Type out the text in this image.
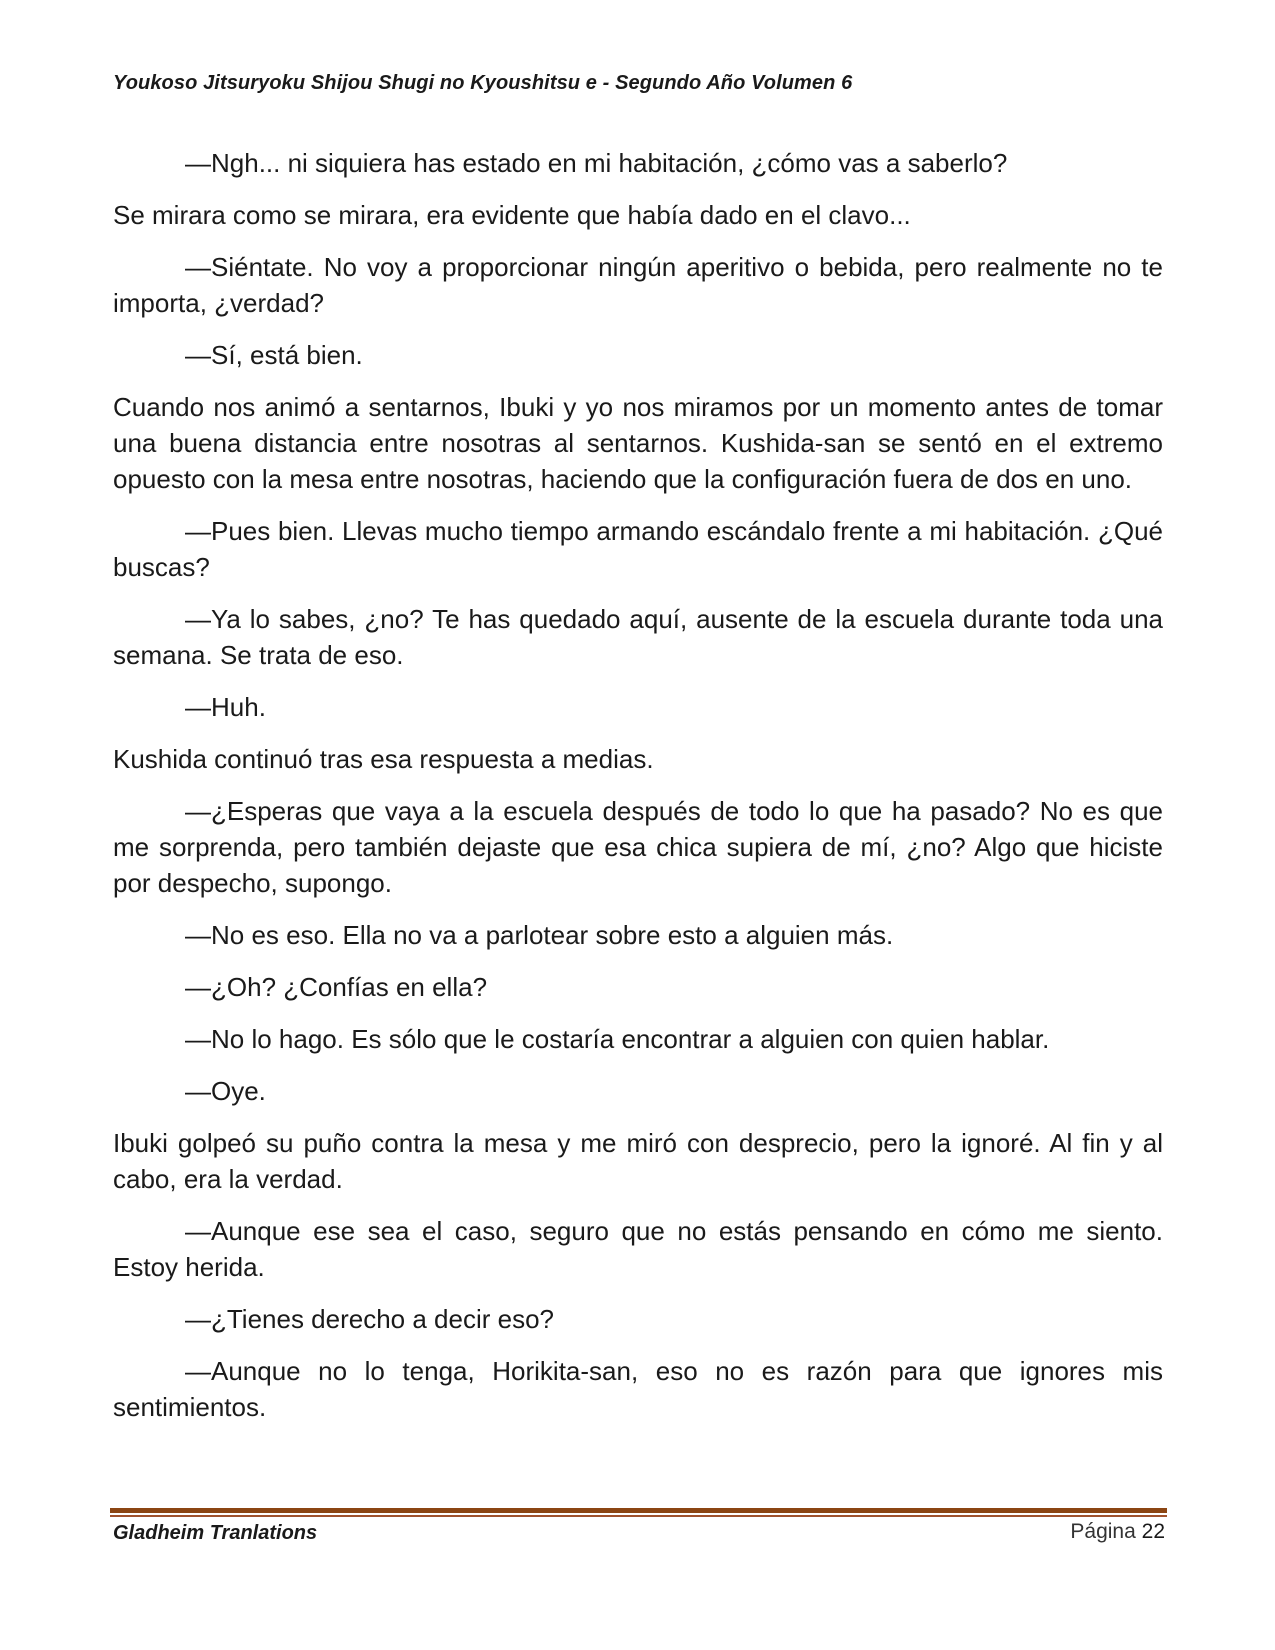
Youkoso Jitsuryoku Shijou Shugi no Kyoushitsu e - Segundo Año Volumen 6

—Ngh... ni siquiera has estado en mi habitación, ¿cómo vas a saberlo?

Se mirara como se mirara, era evidente que había dado en el clavo...

—Siéntate. No voy a proporcionar ningún aperitivo o bebida, pero realmente no te importa, ¿verdad?

—Sí, está bien.

Cuando nos animó a sentarnos, Ibuki y yo nos miramos por un momento antes de tomar una buena distancia entre nosotras al sentarnos. Kushida-san se sentó en el extremo opuesto con la mesa entre nosotras, haciendo que la configuración fuera de dos en uno.

—Pues bien. Llevas mucho tiempo armando escándalo frente a mi habitación. ¿Qué buscas?

—Ya lo sabes, ¿no? Te has quedado aquí, ausente de la escuela durante toda una semana. Se trata de eso.

—Huh.

Kushida continuó tras esa respuesta a medias.

—¿Esperas que vaya a la escuela después de todo lo que ha pasado? No es que me sorprenda, pero también dejaste que esa chica supiera de mí, ¿no? Algo que hiciste por despecho, supongo.

—No es eso. Ella no va a parlotear sobre esto a alguien más.

—¿Oh? ¿Confías en ella?

—No lo hago. Es sólo que le costaría encontrar a alguien con quien hablar.

—Oye.

Ibuki golpeó su puño contra la mesa y me miró con desprecio, pero la ignoré. Al fin y al cabo, era la verdad.

—Aunque ese sea el caso, seguro que no estás pensando en cómo me siento. Estoy herida.

—¿Tienes derecho a decir eso?

—Aunque no lo tenga, Horikita-san, eso no es razón para que ignores mis sentimientos.

Gladheim Tranlations	Página 22
